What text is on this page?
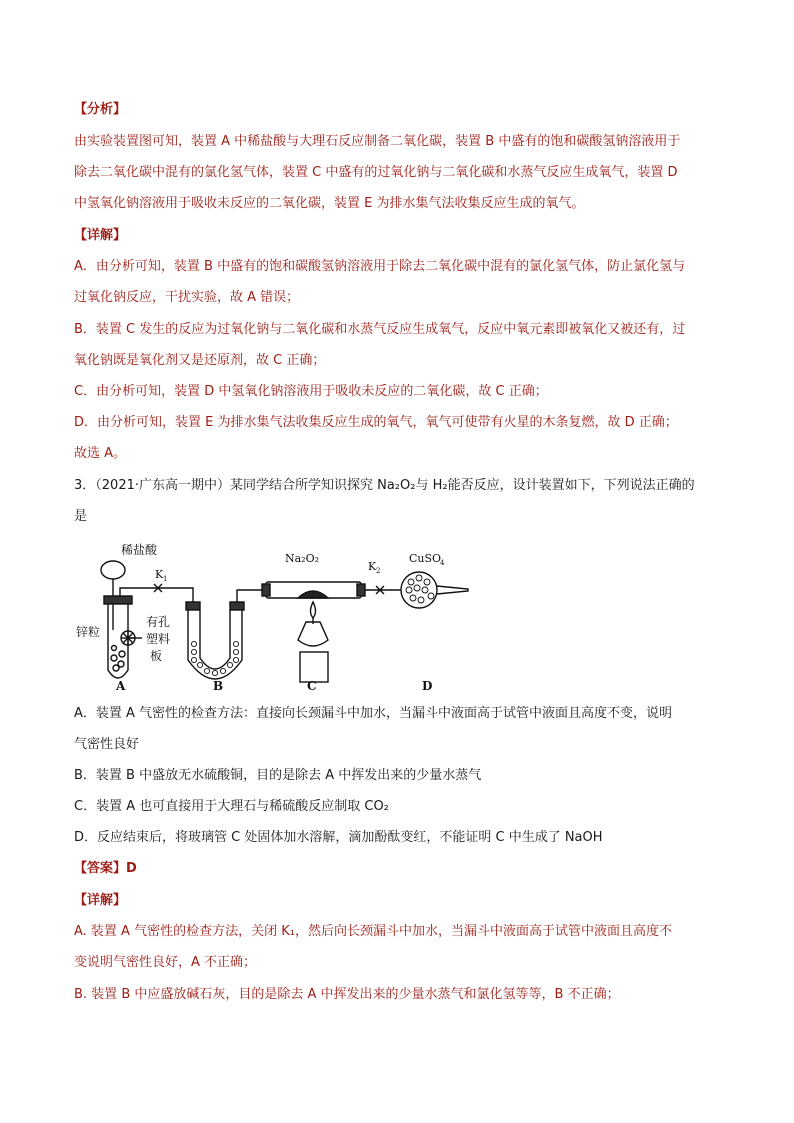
【分析】
由实验装置图可知，装置 A 中稀盐酸与大理石反应制备二氧化碳，装置 B 中盛有的饱和碳酸氢钠溶液用于
除去二氧化碳中混有的氯化氢气体，装置 C 中盛有的过氧化钠与二氧化碳和水蒸气反应生成氧气，装置 D
中氢氧化钠溶液用于吸收未反应的二氧化碳，装置 E 为排水集气法收集反应生成的氧气。
【详解】
A．由分析可知，装置 B 中盛有的饱和碳酸氢钠溶液用于除去二氧化碳中混有的氯化氢气体，防止氯化氢与
过氧化钠反应，干扰实验，故 A 错误；
B．装置 C 发生的反应为过氧化钠与二氧化碳和水蒸气反应生成氧气，反应中氧元素即被氧化又被还有，过
氧化钠既是氧化剂又是还原剂，故 C 正确；
C．由分析可知，装置 D 中氢氧化钠溶液用于吸收未反应的二氧化碳，故 C 正确；
D．由分析可知，装置 E 为排水集气法收集反应生成的氧气，氧气可使带有火星的木条复燃，故 D 正确；
故选 A。
3．（2021·广东高一期中）某同学结合所学知识探究 Na₂O₂与 H₂能否反应，设计装置如下，下列说法正确的
是
稀盐酸
K 1
锌粒
有孔
塑料
板
Na₂O₂
K 2
CuSO
4
A	B	C	D
A．装置 A 气密性的检查方法：直接向长颈漏斗中加水，当漏斗中液面高于试管中液面且高度不变，说明
气密性良好
B．装置 B 中盛放无水硫酸铜，目的是除去 A 中挥发出来的少量水蒸气
C．装置 A 也可直接用于大理石与稀硫酸反应制取 CO₂
D．反应结束后，将玻璃管 C 处固体加水溶解，滴加酚酞变红，不能证明 C 中生成了 NaOH
【答案】D
【详解】
A. 装置 A 气密性的检查方法，关闭 K₁，然后向长颈漏斗中加水，当漏斗中液面高于试管中液面且高度不
变说明气密性良好，A 不正确；
B. 装置 B 中应盛放碱石灰，目的是除去 A 中挥发出来的少量水蒸气和氯化氢等等，B 不正确；
